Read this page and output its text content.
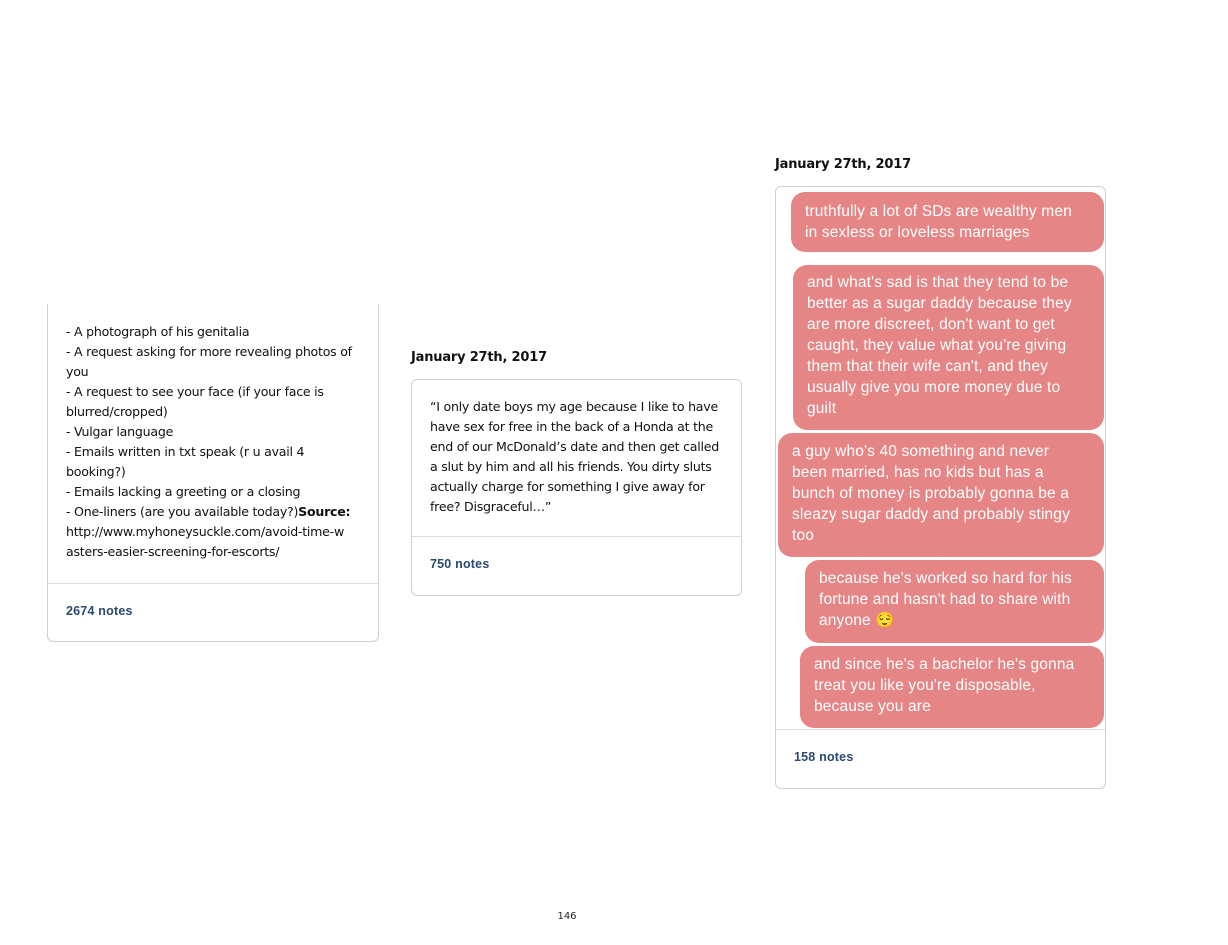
- A photograph of his genitalia
- A request asking for more revealing photos of
you
- A request to see your face (if your face is
blurred/cropped)
- Vulgar language
- Emails written in txt speak (r u avail 4
booking?)
- Emails lacking a greeting or a closing
- One-liners (are you available today?)Source:
http://www.myhoneysuckle.com/avoid-time-w
asters-easier-screening-for-escorts/
2674 notes
January 27th, 2017
“I only date boys my age because I like to have
have sex for free in the back of a Honda at the
end of our McDonald’s date and then get called
a slut by him and all his friends. You dirty sluts
actually charge for something I give away for
free? Disgraceful…”
750 notes
January 27th, 2017
truthfully a lot of SDs are wealthy men
in sexless or loveless marriages
and what's sad is that they tend to be
better as a sugar daddy because they
are more discreet, don't want to get
caught, they value what you're giving
them that their wife can't, and they
usually give you more money due to
guilt
a guy who's 40 something and never
been married, has no kids but has a
bunch of money is probably gonna be a
sleazy sugar daddy and probably stingy
too
because he's worked so hard for his
fortune and hasn't had to share with
anyone 😌
and since he's a bachelor he's gonna
treat you like you're disposable,
because you are
158 notes
146
